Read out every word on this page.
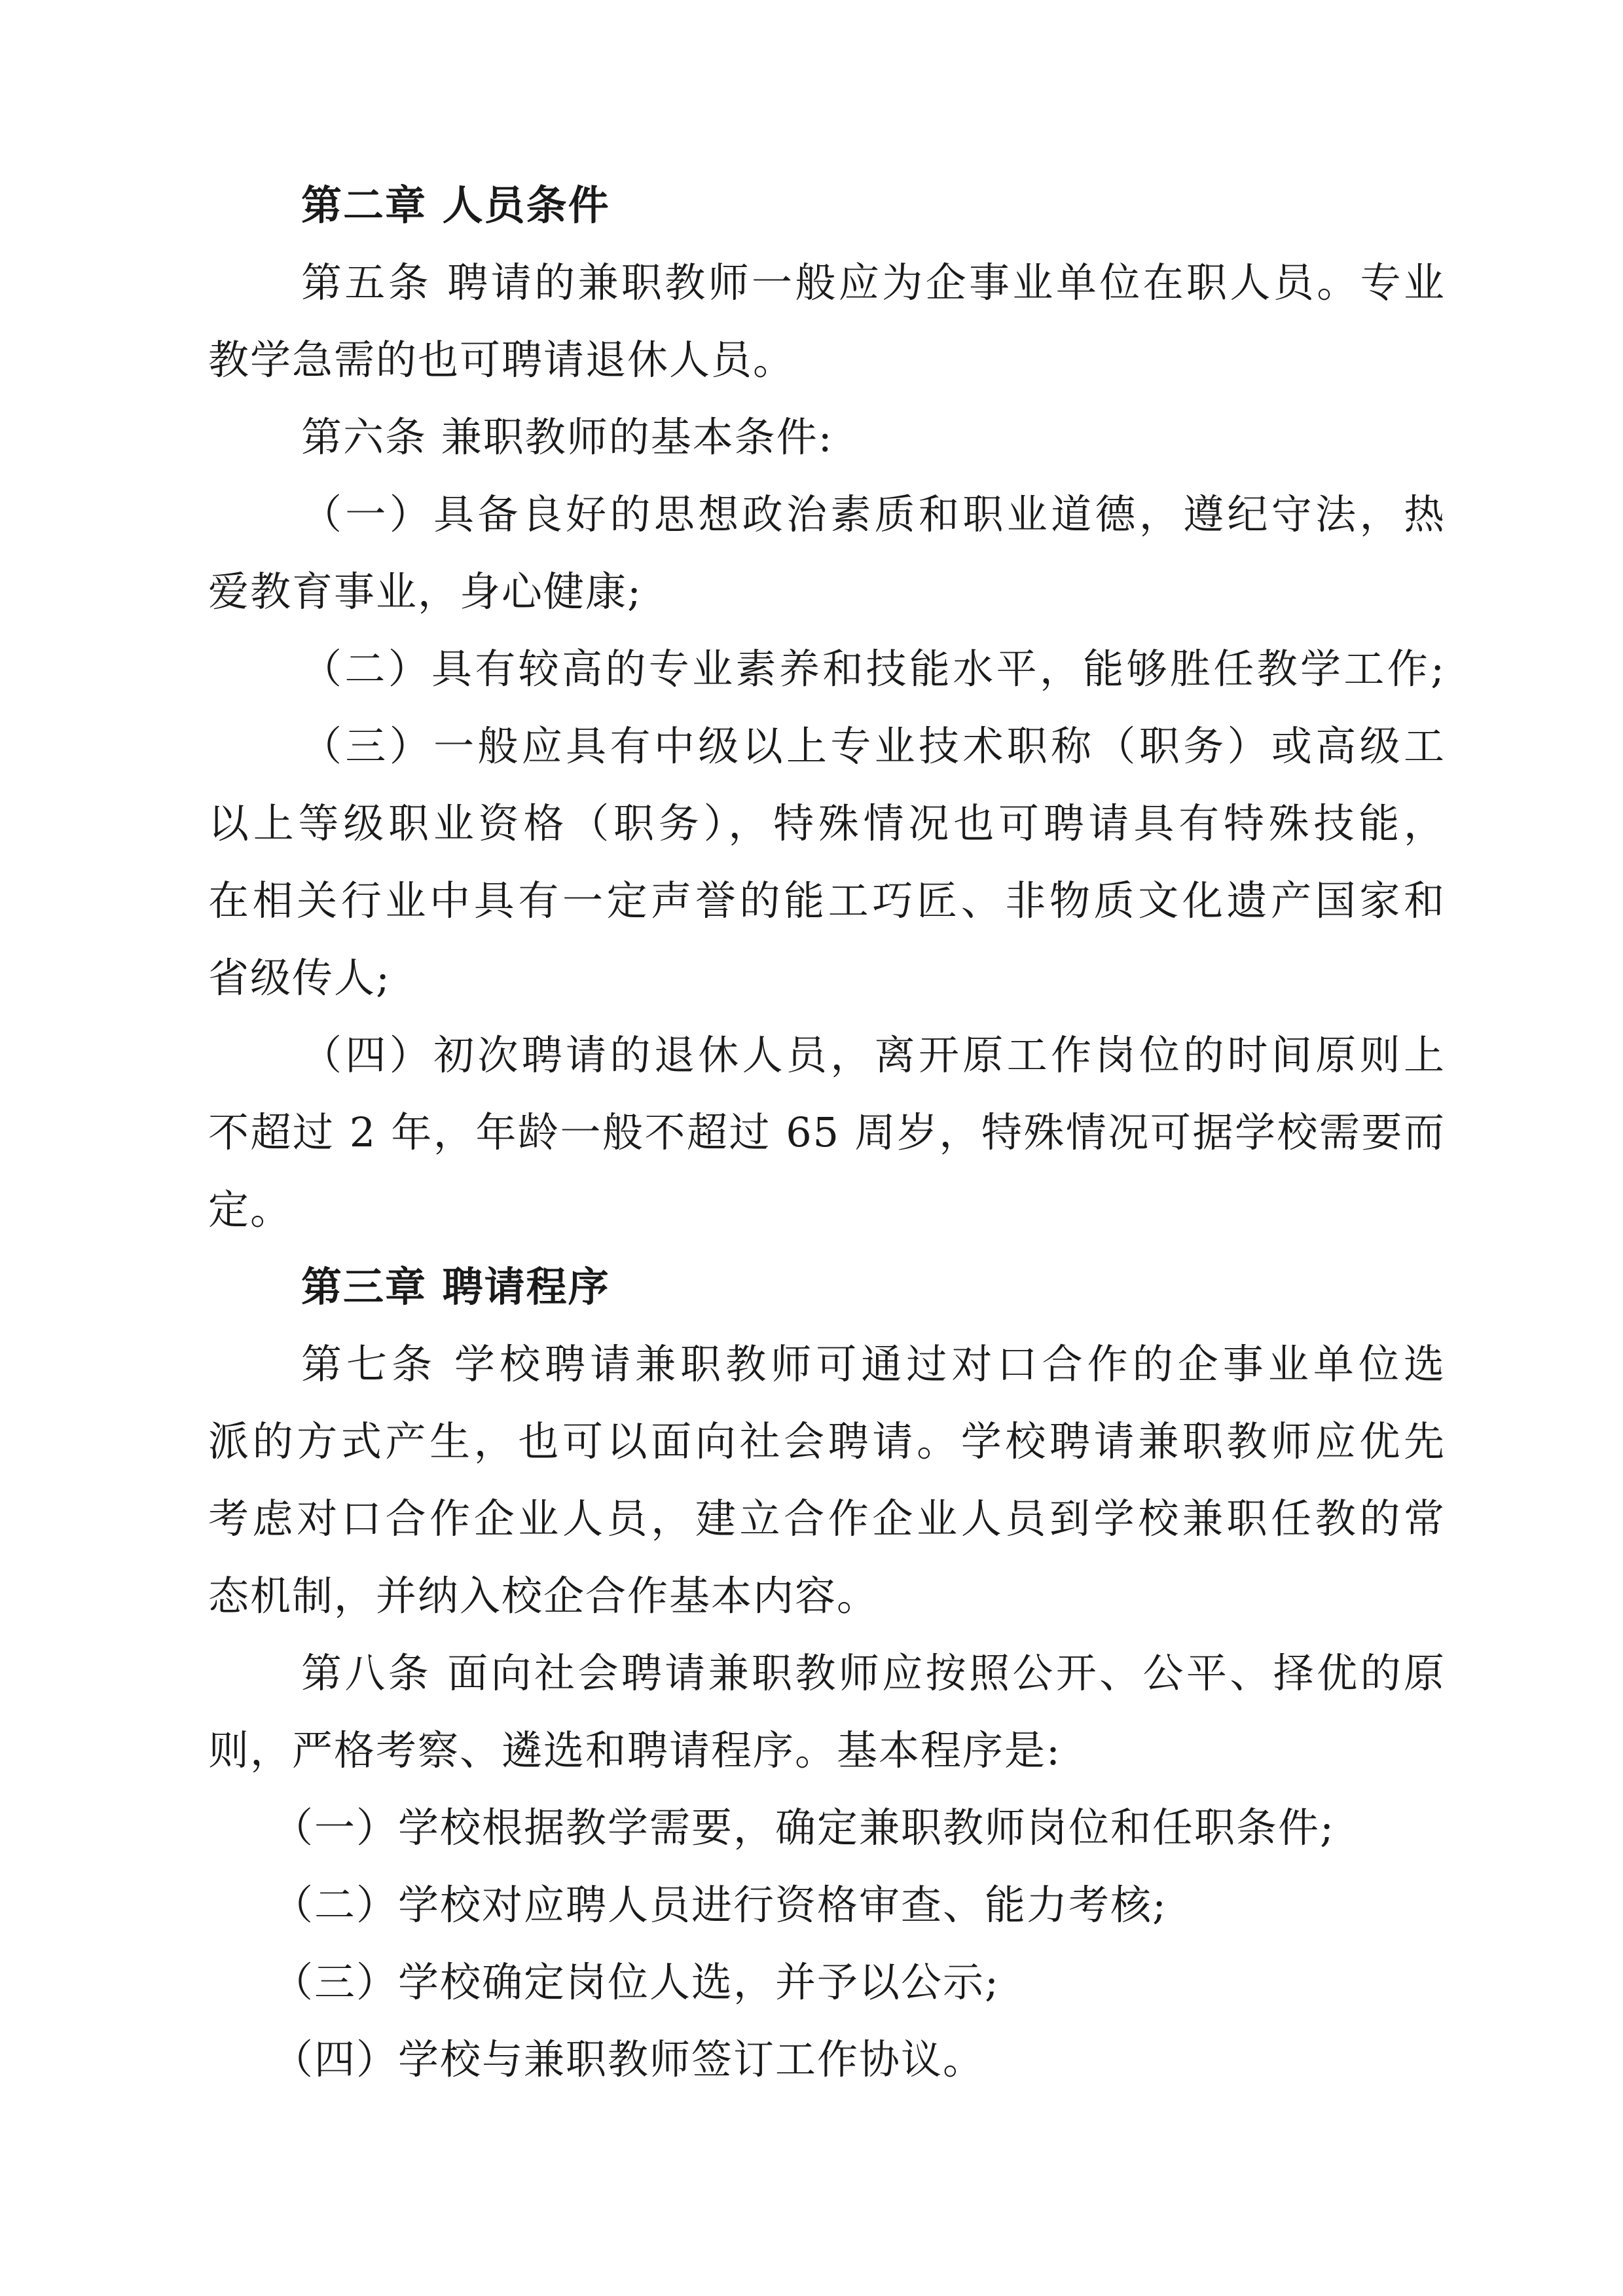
第二章 人员条件
第五条 聘请的兼职教师一般应为企事业单位在职人员。专业
教学急需的也可聘请退休人员。
第六条 兼职教师的基本条件:
（一）具备良好的思想政治素质和职业道德，遵纪守法，热
爱教育事业，身心健康;
（二）具有较高的专业素养和技能水平，能够胜任教学工作;
（三）一般应具有中级以上专业技术职称（职务）或高级工
以上等级职业资格（职务），特殊情况也可聘请具有特殊技能，
在相关行业中具有一定声誉的能工巧匠、非物质文化遗产国家和
省级传人;
（四）初次聘请的退休人员，离开原工作岗位的时间原则上
不超过 2 年，年龄一般不超过 65 周岁，特殊情况可据学校需要而
定。
第三章 聘请程序
第七条 学校聘请兼职教师可通过对口合作的企事业单位选
派的方式产生，也可以面向社会聘请。学校聘请兼职教师应优先
考虑对口合作企业人员，建立合作企业人员到学校兼职任教的常
态机制，并纳入校企合作基本内容。
第八条 面向社会聘请兼职教师应按照公开、公平、择优的原
则，严格考察、遴选和聘请程序。基本程序是:
（一）学校根据教学需要，确定兼职教师岗位和任职条件;
（二）学校对应聘人员进行资格审查、能力考核;
（三）学校确定岗位人选，并予以公示;
（四）学校与兼职教师签订工作协议。
